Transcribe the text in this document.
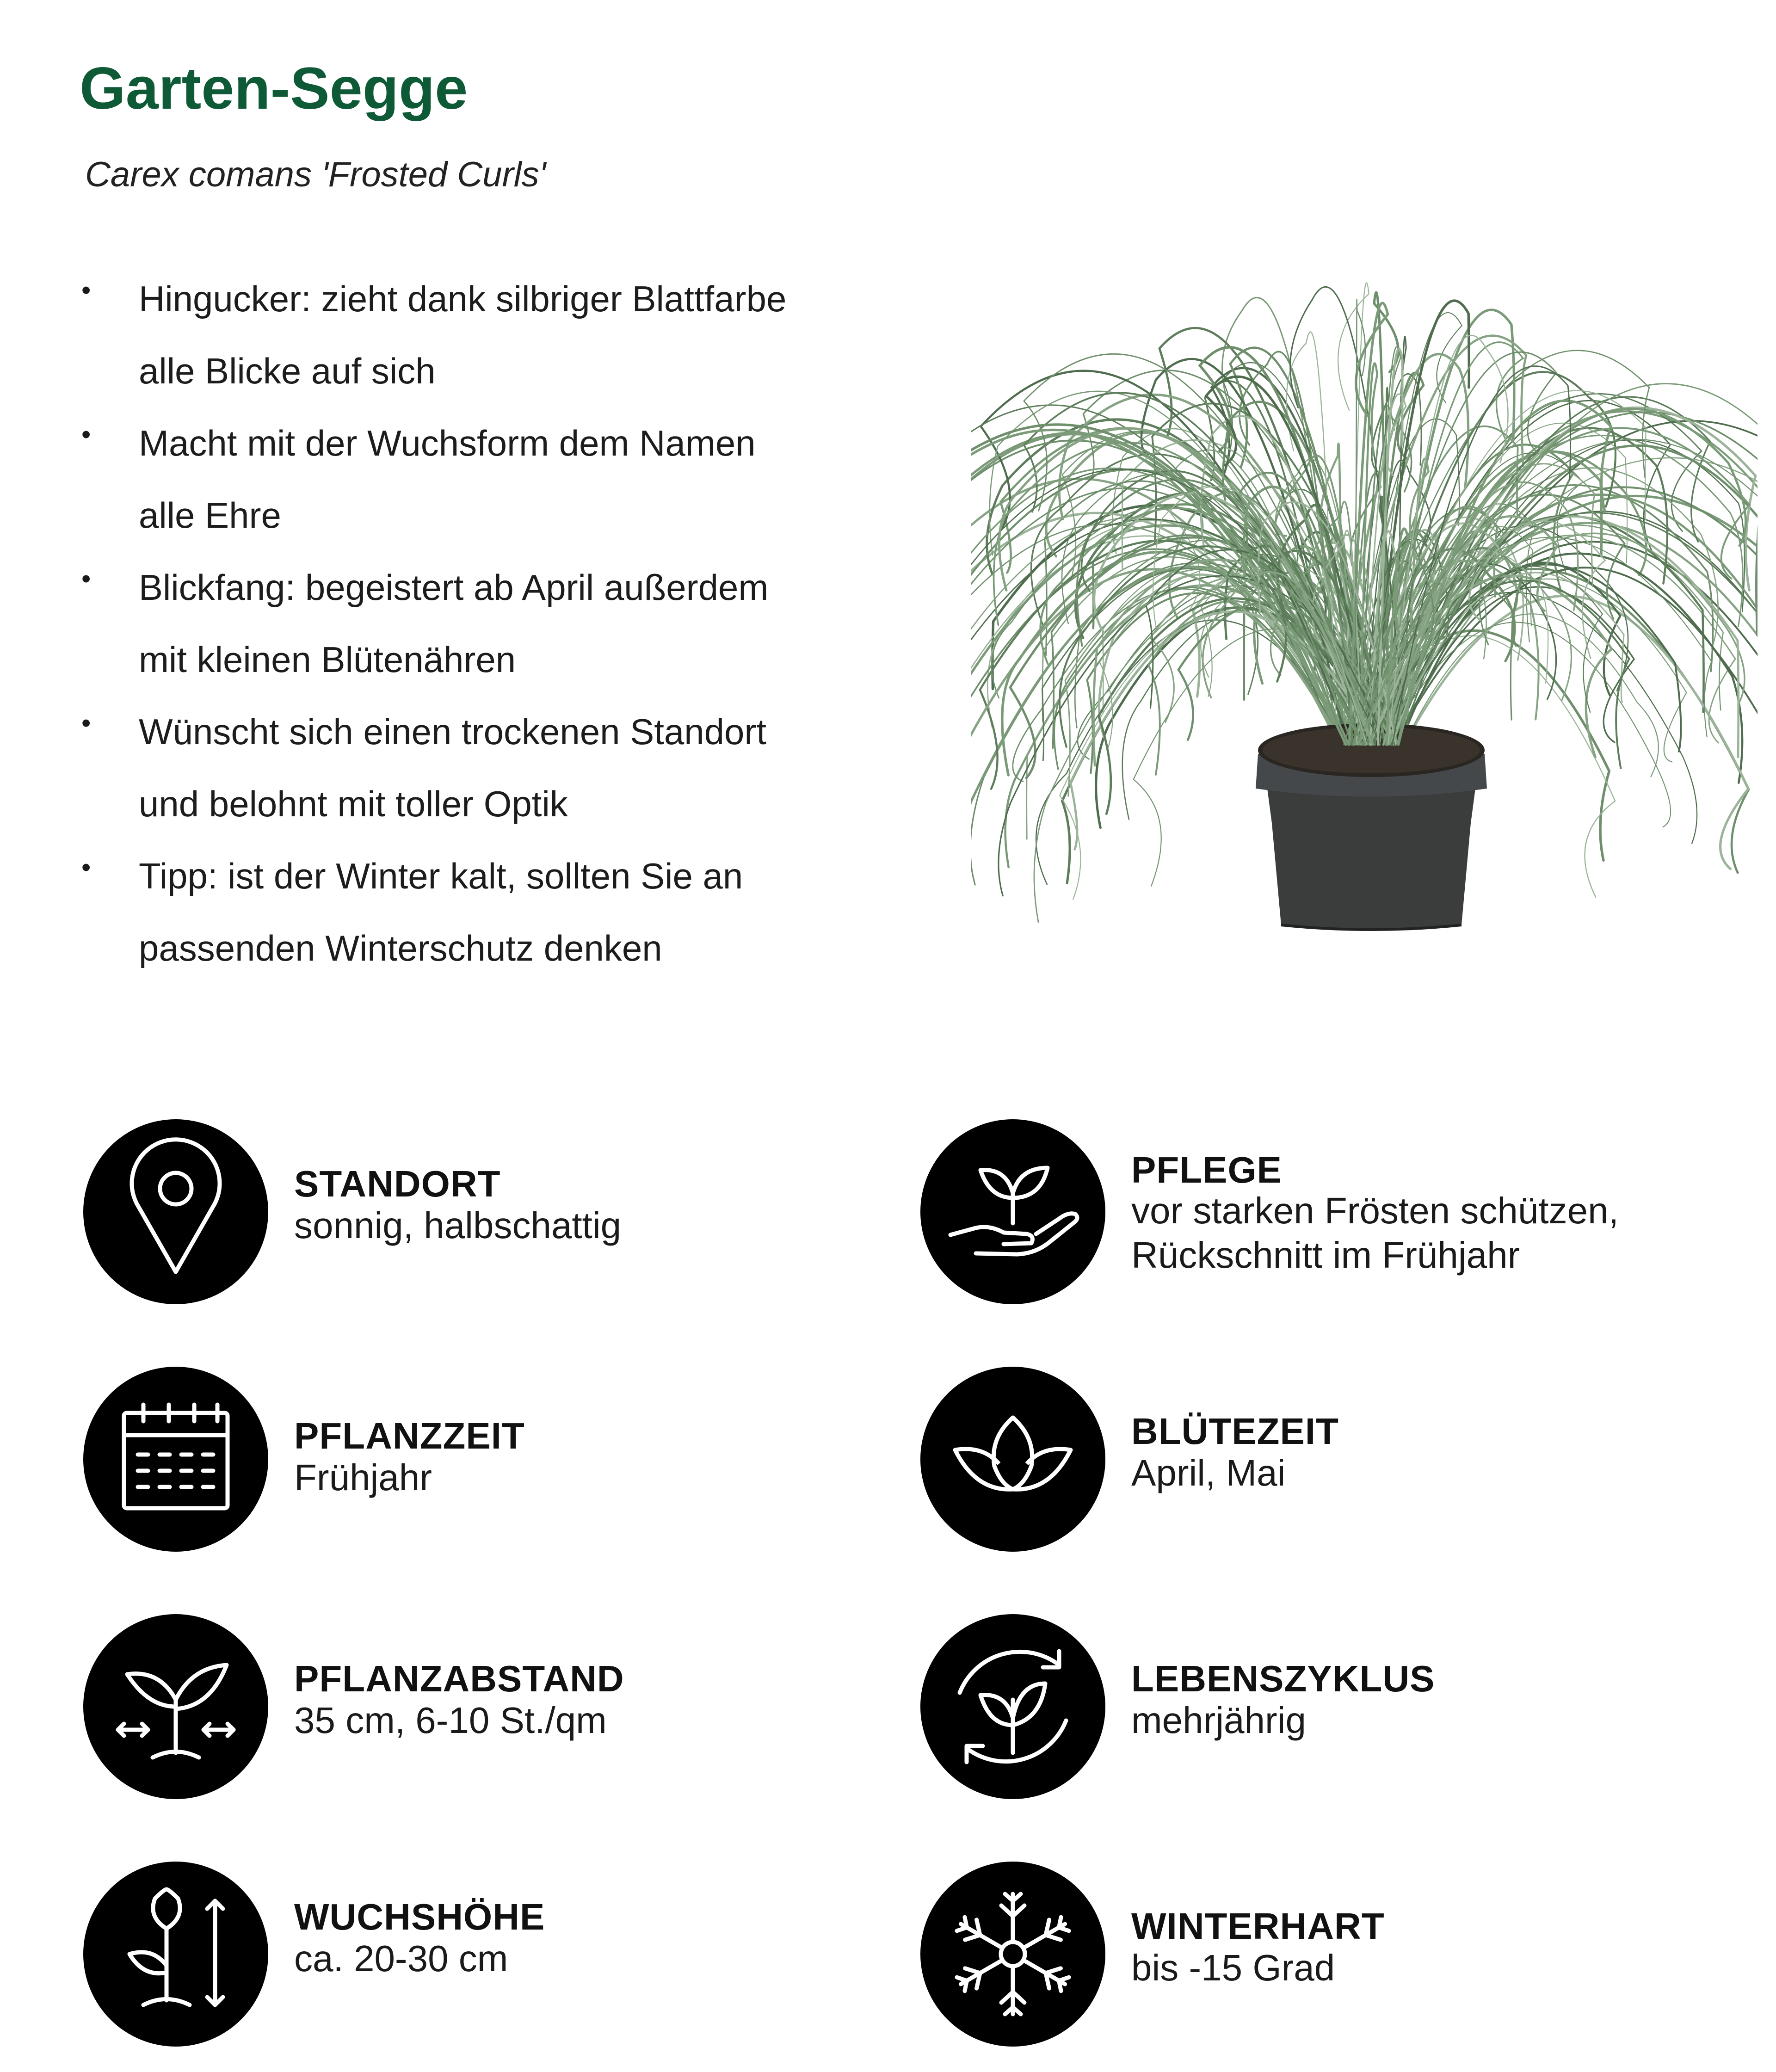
Garten-Segge
Carex comans 'Frosted Curls'
• Hingucker: zieht dank silbriger Blattfarbe
alle Blicke auf sich
• Macht mit der Wuchsform dem Namen
alle Ehre
• Blickfang: begeistert ab April außerdem
mit kleinen Blütenähren
• Wünscht sich einen trockenen Standort
und belohnt mit toller Optik
• Tipp: ist der Winter kalt, sollten Sie an
passenden Winterschutz denken
STANDORT
sonnig, halbschattig
PFLEGE
vor starken Frösten schützen,
Rückschnitt im Frühjahr
PFLANZZEIT
Frühjahr
BLÜTEZEIT
April, Mai
PFLANZABSTAND
35 cm, 6-10 St./qm
LEBENSZYKLUS
mehrjährig
WUCHSHÖHE
ca. 20-30 cm
WINTERHART
bis -15 Grad
